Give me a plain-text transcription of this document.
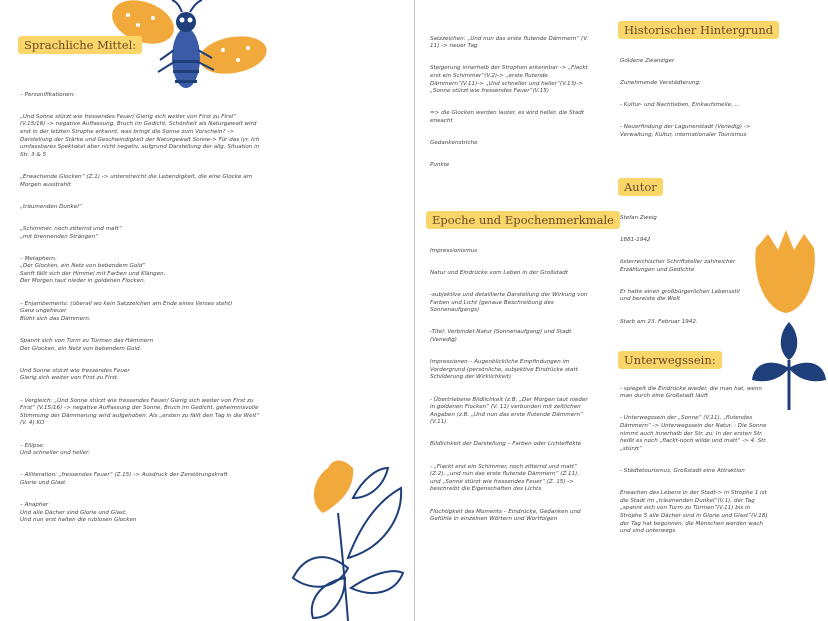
Sprachliche Mittel:
Historischer Hintergrund
Epoche und Epochenmerkmale
Autor
Unterwegssein:

– Personifikationen:

„Und Sonne stürzt wie fressendes Feuer/ Gierig sich weiter von First zu First“ (V.15/16) -> negative Auffassung, Bruch im Gedicht, Schönheit als Naturgewalt wird erst in der letzten Strophe erkannt, was bringt die Sonne zum Vorschein? -> Darstellung der Stärke und Geschwindigkeit der Naturgewalt Sonne-> Für das lyr. Ich umfassbares Spektakel aber nicht negativ, aufgrund Darstellung der allg. Situation in Str. 3 & 5

„Erwachende Glocken“ (Z.1) -> unterstreicht die Lebendigkeit, die eine Glocke am Morgen ausstrahlt

„träumenden Dunkel“

„Schimmer, noch zitternd und matt“
„mit brennenden Strängen“

– Metaphern:
„Der Glocken, ein Netz von bebendem Gold“
Sanft fällt sich der Himmel mit Farben und Klängen.
Der Morgen taut nieder in goldenen Flocken.

– Enjambements: (überall wo kein Satzzeichen am Ende eines Verses steht)
Ganz ungeheuer
Blüht sich das Dämmern.

Spannt sich von Turm zu Türmen das Hämmern
Der Glocken, ein Netz von bebendem Gold.

Und Sonne stürzt wie fressendes Feuer
Gierig sich weiter von First zu First.

– Vergleich: „Und Sonne stürzt wie fressendes Feuer/ Gierig sich weiter von First zu First“ (V.15/16) -> negative Auffassung der Sonne, Bruch im Gedicht, geheimnisvolle Stimmung der Dämmerung wird aufgehoben. Als „ersten zu fällt den Tag in die Welt“ (V. 4) KO

– Ellipse:
Und schneller und heller.

– Alliteration: „fressendes Feuer“ (Z.15) -> Ausdruck der Zerstörungskraft
Glorie und Glast.

– Anapher
Und alle Dächer sind Glorie und Glast.
Und nun erst halten die rublosen Glocken

Satzzeichen: „Und nun das erste flutende Dämmern“ (V. 11) -> neuer Tag

Steigerung innerhalb der Strophen erkennbar -> „Flackt erst ein Schimmer“(V.2)-> „erste flutende Dämmern“(V.11)-> „Und schneller und heller“(V.13)-> „Sonne stürzt wie fressendes Feuer“(V.15)

=> die Glocken werden lauter, es wird heller, die Stadt erwacht

Gedankenstriche

Punkte

Impressionismus

Natur und Eindrücke vom Leben in der Großstadt

-subjektive und detaillierte Darstellung der Wirkung von Farben und Licht (genaue Beschreibung des Sonnenaufgangs)

-Titel: Verbindet Natur (Sonnenaufgang) und Stadt (Venedig)

Impressionen – Augenblickliche Empfindungen im Vordergrund (persönliche, subjektive Eindrücke statt Schilderung der Wirklichkeit)

- Übertriebene Bildlichkeit (z.B. „Der Morgen taut nieder in goldenen Flocken“ (V. 11) verbunden mit zeitlichen Angaben (z.B. „Und nun das erste flutende Dämmern“ (V.11)

Bildlichkeit der Darstellung – Farben oder Lichteffekte

- „Flackt erst ein Schimmer, noch zitternd und matt“ (Z.2), „und nun das erste flutende Dämmern“ (Z.11), und „Sonne stürzt wie fressendes Feuer“ (Z. 15) -> beschreibt die Eigenschaften des Lichts

Flüchtigkeit des Moments – Eindrücke, Gedanken und Gefühle in einzelnen Wörtern und Wortfolgen

Goldene Zwanziger

Zunehmende Verstädterung:

- Kultur- und Nachtleben, Einkaufsmeile, ...

- Neuerfindung der Lagunenstadt (Venedig) -> Verwaltung, Kultur, internationaler Tourismus

Stefan Zweig

1881-1942

österreichischer Schriftsteller zahlreicher Erzählungen und Gedichte

Er hatte einen großbürgerlichen Lebensstil und bereiste die Welt

Starb am 23. Februar 1942.

- spiegelt die Eindrücke wieder, die man hat, wenn man durch eine Großstadt läuft

- Unterwegssein der „Sonne“ (V.11), „flutendes Dämmern“ -> Unterwegssein der Natur. : Die Sonne nimmt auch innerhalb der Str. zu: In der ersten Str. heißt es noch „flackt-noch wilde und matt“ -> 4. Str. „stürzt“

- Städtetourismus, Großstadt eine Attraktion

Erwachen des Lebens in der Stadt-> in Strophe 1 ist die Stadt im „träumenden Dunkel“(V.1), der Tag „spannt sich von Turm zu Türmen“(V.11) bis in Strophe 5 alle Dächer sind in Glorie und Glast“(V.18) der Tag hat begonnen, die Menschen werden wach und sind unterwegs
